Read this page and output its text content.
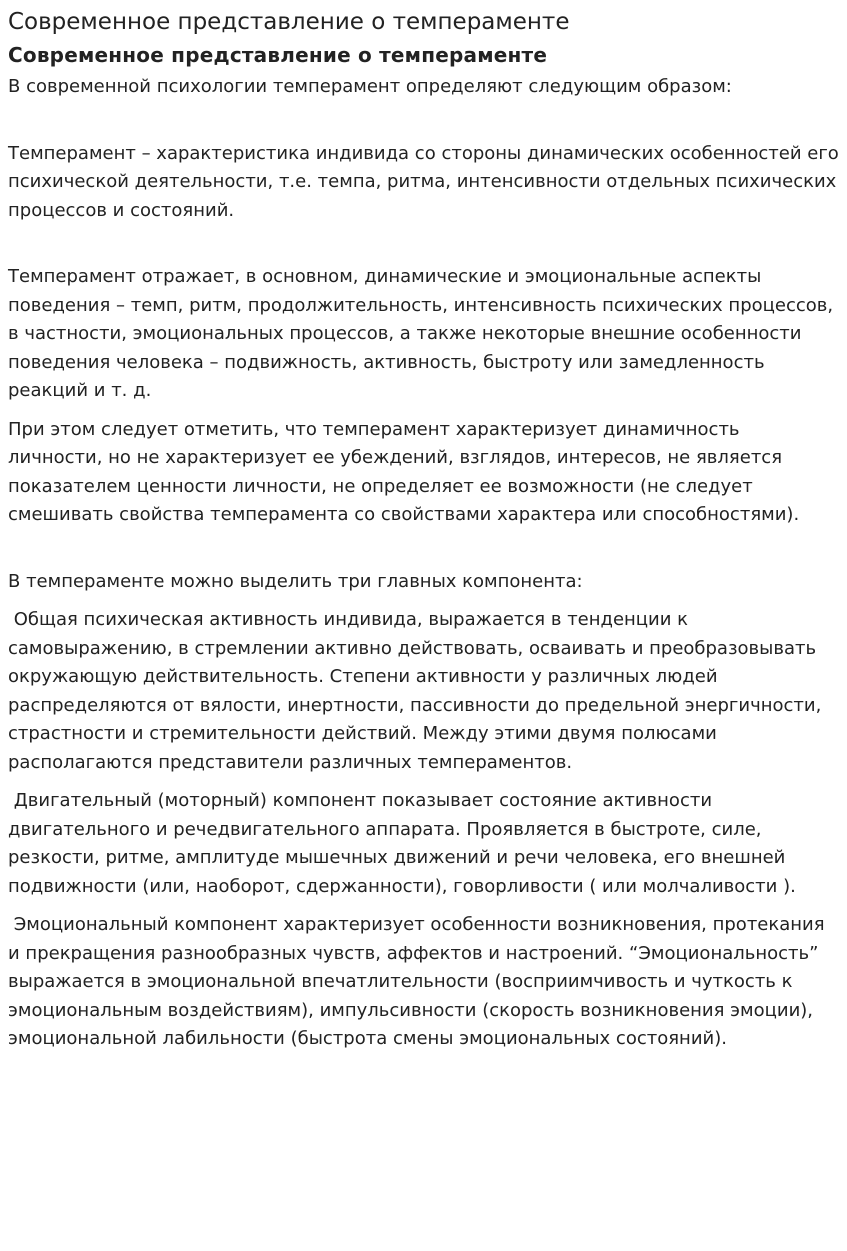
Современное представление о темпераменте
Современное представление о темпераменте

В современной психологии темперамент определяют следующим образом:

Темперамент – характеристика индивида со стороны динамических особенностей его психической деятельности, т.е. темпа, ритма, интенсивности отдельных психических процессов и состояний.

Темперамент отражает, в основном, динамические и эмоциональные аспекты поведения – темп, ритм, продолжительность, интенсивность психических процессов, в частности, эмоциональных процессов, а также некоторые внешние особенности поведения человека – подвижность, активность, быстроту или замедленность реакций и т. д.

При этом следует отметить, что темперамент характеризует динамичность личности, но не характеризует ее убеждений, взглядов, интересов, не является показателем ценности личности, не определяет ее возможности (не следует смешивать свойства темперамента со свойствами характера или способностями).

В темпераменте можно выделить три главных компонента:

Общая психическая активность индивида, выражается в тенденции к самовыражению, в стремлении активно действовать, осваивать и преобразовывать окружающую действительность. Степени активности у различных людей распределяются от вялости, инертности, пассивности до предельной энергичности, страстности и стремительности действий. Между этими двумя полюсами располагаются представители различных темпераментов.

Двигательный (моторный) компонент показывает состояние активности двигательного и речедвигательного аппарата. Проявляется в быстроте, силе, резкости, ритме, амплитуде мышечных движений и речи человека, его внешней подвижности (или, наоборот, сдержанности), говорливости ( или молчаливости ).

Эмоциональный компонент характеризует особенности возникновения, протекания и прекращения разнообразных чувств, аффектов и настроений. “Эмоциональность” выражается в эмоциональной впечатлительности (восприимчивость и чуткость к эмоциональным воздействиям), импульсивности (скорость возникновения эмоции), эмоциональной лабильности (быстрота смены эмоциональных состояний).
